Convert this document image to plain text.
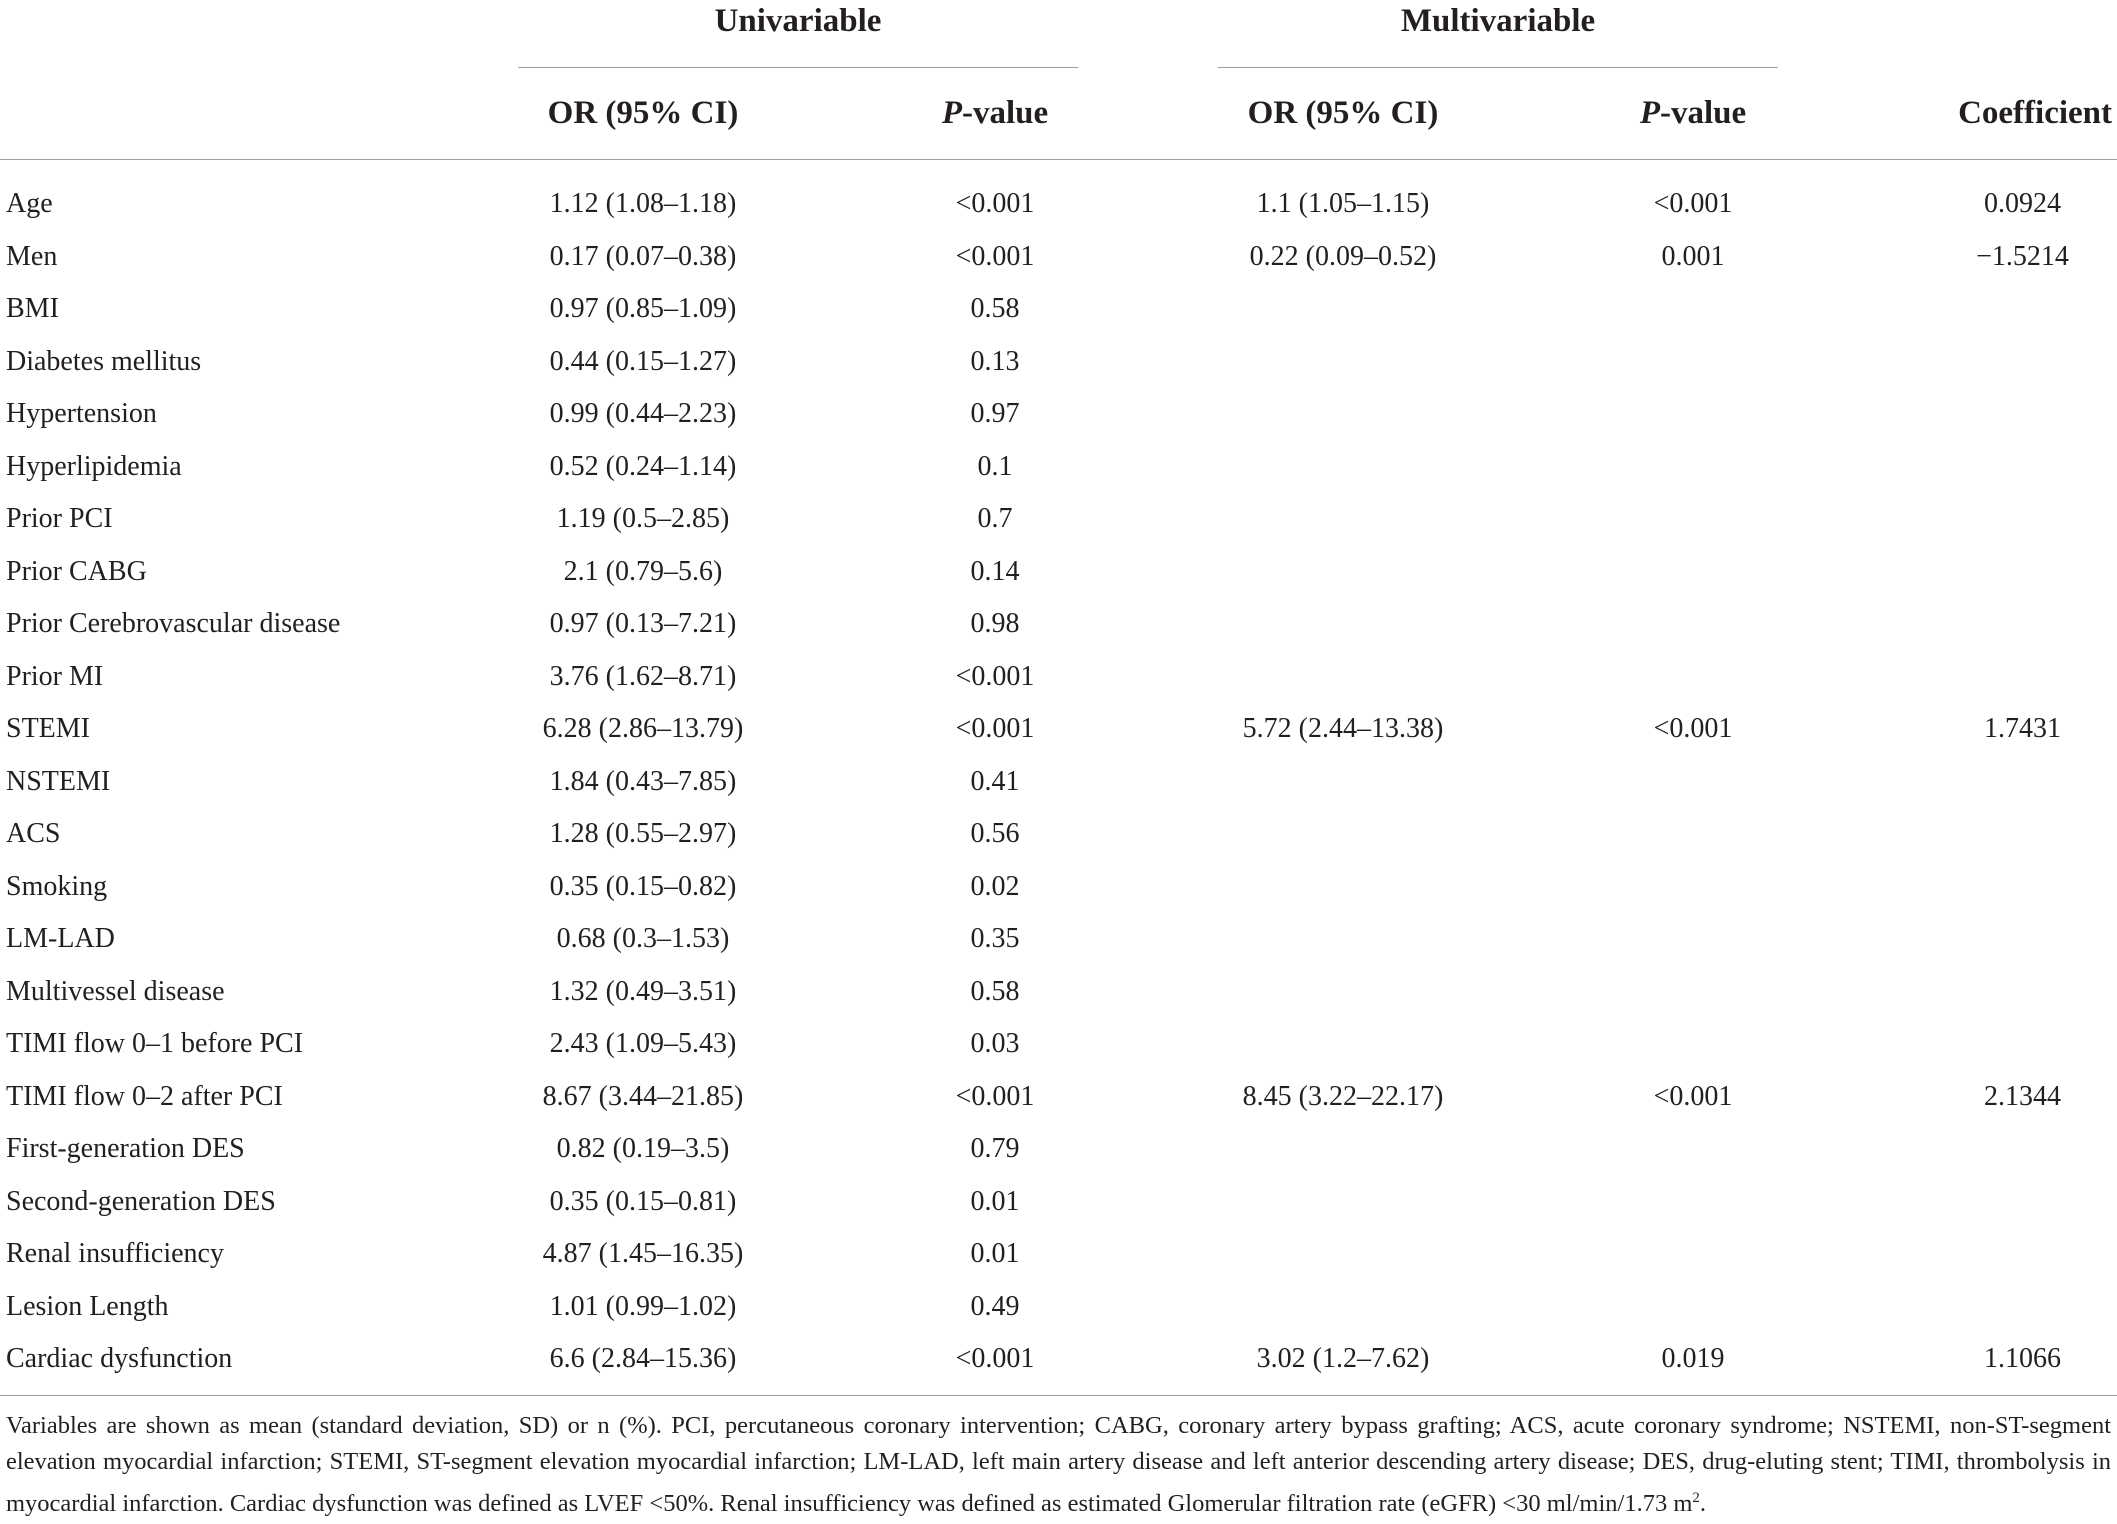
Univariable	Multivariable
OR (95% CI)	P-value	OR (95% CI)	P-value	Coefficient
Age	1.12 (1.08–1.18)		<0.001		1.1 (1.05–1.15)		<0.001	0.0924
Men	0.17 (0.07–0.38)		<0.001		0.22 (0.09–0.52)		0.001	−1.5214
BMI	0.97 (0.85–1.09)		0.58					
Diabetes mellitus	0.44 (0.15–1.27)		0.13					
Hypertension	0.99 (0.44–2.23)		0.97					
Hyperlipidemia	0.52 (0.24–1.14)		0.1					
Prior PCI	1.19 (0.5–2.85)		0.7					
Prior CABG	2.1 (0.79–5.6)		0.14					
Prior Cerebrovascular disease	0.97 (0.13–7.21)		0.98					
Prior MI	3.76 (1.62–8.71)		<0.001					
STEMI	6.28 (2.86–13.79)		<0.001		5.72 (2.44–13.38)		<0.001	1.7431
NSTEMI	1.84 (0.43–7.85)		0.41					
ACS	1.28 (0.55–2.97)		0.56					
Smoking	0.35 (0.15–0.82)		0.02					
LM-LAD	0.68 (0.3–1.53)		0.35					
Multivessel disease	1.32 (0.49–3.51)		0.58					
TIMI flow 0–1 before PCI	2.43 (1.09–5.43)		0.03					
TIMI flow 0–2 after PCI	8.67 (3.44–21.85)		<0.001		8.45 (3.22–22.17)		<0.001	2.1344
First-generation DES	0.82 (0.19–3.5)		0.79					
Second-generation DES	0.35 (0.15–0.81)		0.01					
Renal insufficiency	4.87 (1.45–16.35)		0.01					
Lesion Length	1.01 (0.99–1.02)		0.49					
Cardiac dysfunction	6.6 (2.84–15.36)		<0.001		3.02 (1.2–7.62)		0.019	1.1066
Variables are shown as mean (standard deviation, SD) or n (%). PCI, percutaneous coronary intervention; CABG, coronary artery bypass grafting; ACS, acute coronary syndrome; NSTEMI, non-ST-segment elevation myocardial infarction; STEMI, ST-segment elevation myocardial infarction; LM-LAD, left main artery disease and left anterior descending artery disease; DES, drug-eluting stent; TIMI, thrombolysis in myocardial infarction. Cardiac dysfunction was defined as LVEF <50%. Renal insufficiency was defined as estimated Glomerular filtration rate (eGFR) <30 ml/min/1.73 $m^2$.
